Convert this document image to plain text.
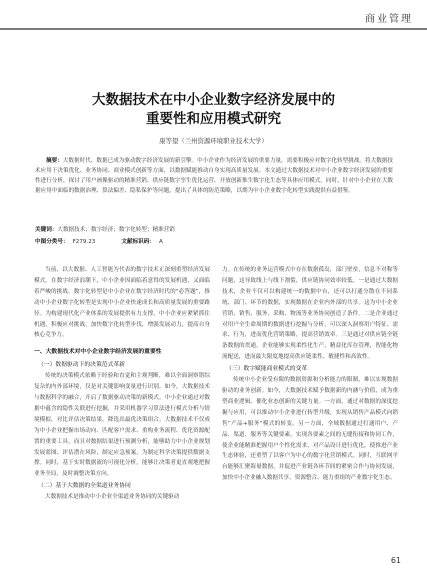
商业管理
大数据技术在中小企业数字经济发展中的
重要性和应用模式研究
康等望（兰州资源环境职业技术大学）

摘要：大数据时代、数据已成为驱动数字经济发展的新引擎。中小企业作为经济发展的重要力量，需要积极应对数字化转型挑战。将大数据技术应用于决策优化、业务协同、商业模式创新等方面，以数据赋能推动自身实现高质量发展。本文通过大数据技术对中小企业数字经济发展的重要性进行分析，探讨了用户画像驱动的精准营销、供应链数字孪生优化运营、开放创新推生数字化生态等具体应用模式。同时，针对中小企业在大数据应用中面临的数据治理、算法偏差、隐私保护等问题，提出了具体的防范策略，以期为中小企业数字化转型实践提供有益借鉴。

关键词：大数据技术；数字经济；数字化转型；精准营销

中图分类号： F279.23	文献标识码： A

当前，以大数据、人工智能为代表的数字技术正深刻重塑经济发展模式。在数字经济浪潮下，中小企业因面临着意得的发展机遇，又面临着严峻的挑战。数字化转型是中小企业在数字经济时代的“必答题”，推动中小企业数字化转型是实现中小企业快速成长和高质量发展的重要路径。为构建现代化产业体系的发展提供有力支撑，中小企业应紧紧抓住机遇，积极应对挑战，加快数字化转型步伐，增强发展动力，提高自身核心竞争力。

一、大数据技术对中小企业数字经济发展的重要性

（一）数据驱动下的决策范式革新

传统的决策模式依赖于经验和直觉和主观判断，难以全面洞察错综复杂的内外部环境，仅是对关键影响变量进行识别。如今，大数据技术与数据科学的融合，开启了数据驱动决策的新模式。中小企业通过对数据中蕴含的隐性关联进行挖掘，并采用机器学习算法进行模式分析与情境模拟，对比评估决策结果。降选出最优决策组合。大数据技术不仅成为中小企业把握市场动向、匹配客户需求、重构业务流程、优化资源配置的重要工具，而且对数据结果进行预测分析，能够助力中小企业规划发展蓝图、评估潜在风险，制定应急预案，为制定科学决策提供数据支撑。同时，基于实时数据流的可视化分析，能够让决策者更直观地把握业务全局，及时调整决策方向。

（二）基于大数据的全渠道业务协同

大数据技术是推动中小企业全渠道业务协同的关键驱动

力。在传统的业务运营模式中存在数据孤岛，部门壁垒，信息不对称等问题，这导致线上与线下割裂，供应链协同效率较低。一是通过大数据技术，企业不仅可以构建统一的数据中台，还可以打通分散在不同系统、部门、环节的数据，实现数据在企业内外部的共享。这为中小企业营销、销售、服务、采购、物流等业务协同创造了条件。二是企业通过对用户全生命周期的数据进行挖掘与分析，可以深入洞察用户特征、需求、行为，进而优化营销策略，提高营销效率。三是通过对供应链全链条数据的贯通，企业能够实现柔性化生产，精益化库存管理，智能化物流配送，进而最大限度地提高供应链柔性、敏捷性和高效性。

（三）数字赋能商业模式的变革

传统中小企业受有限的数据资源和分析能力的限制，难以实现数据驱动的业务创新。如今，大数据技术赋予数据新的内涵与价值，成为重塑商业逻辑、催化业态创新的关键力量。一方面，通过对数据的深度挖掘与应用，可以推动中小企业进行转型升级，实现从销售产品模式向销售“产品+服务”模式的转变。另一方面，全域数据通过打通用户、产品、渠道、服务等关键要素，实现各要素之间的无缝衔接和协同工作，使企业能精准把握用户个性化需求，对产品设计进行优化，使推进产业生态体验，还重塑了以客户为中心的数字化营销模式。同时，互联网平台能够汇聚海量数据，并促进产业链各环节间的紧密合作与协同发展，加快中小企业融入数据共享、资源整合、能力重组的产业数字化生态。

61
